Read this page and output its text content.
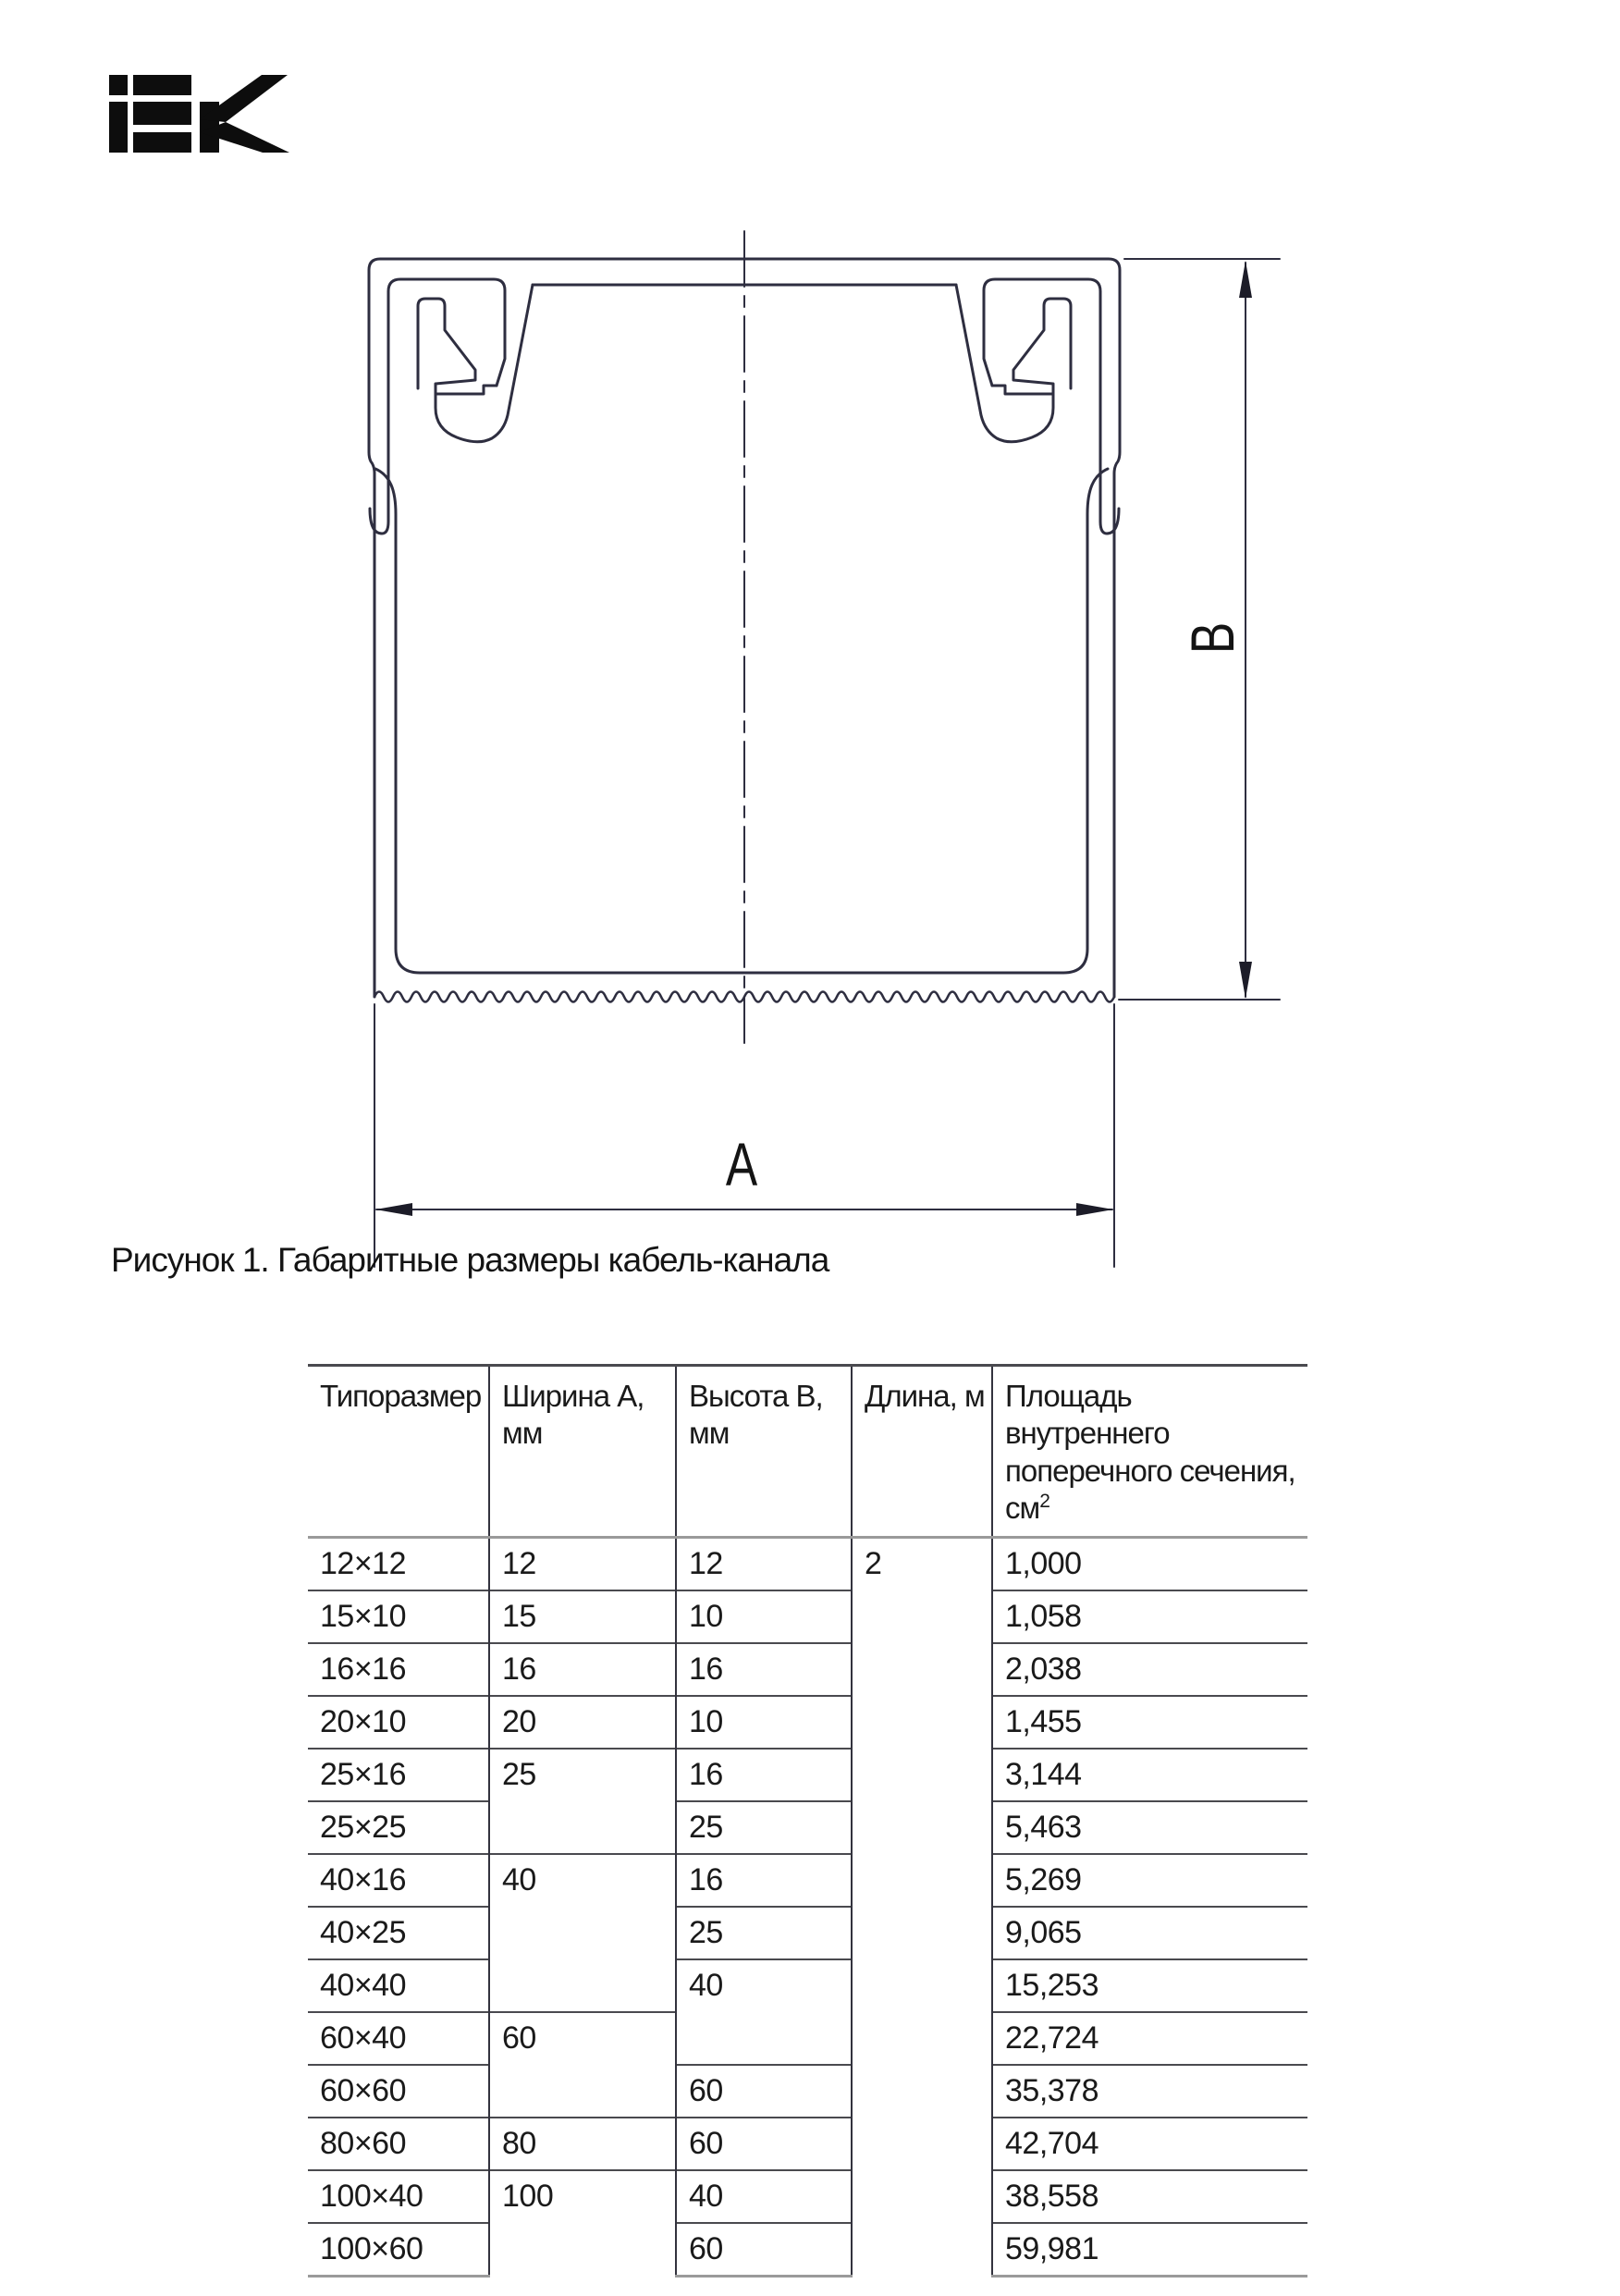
A
B
Рисунок 1. Габаритные размеры кабель-канала
Типоразмер	Ширина А, мм	Высота В, мм	Длина, м	Площадь внутреннего
поперечного сечения, $см^2$
12×12	12	12	2	1,000
15×10	15	10		1,058
16×16	16	16		2,038
20×10	20	10		1,455
25×16	25	16		3,144
25×25		25		5,463
40×16	40	16		5,269
40×25		25		9,065
40×40		40		15,253
60×40	60			22,724
60×60		60		35,378
80×60	80	60		42,704
100×40	100	40		38,558
100×60		60		59,981
